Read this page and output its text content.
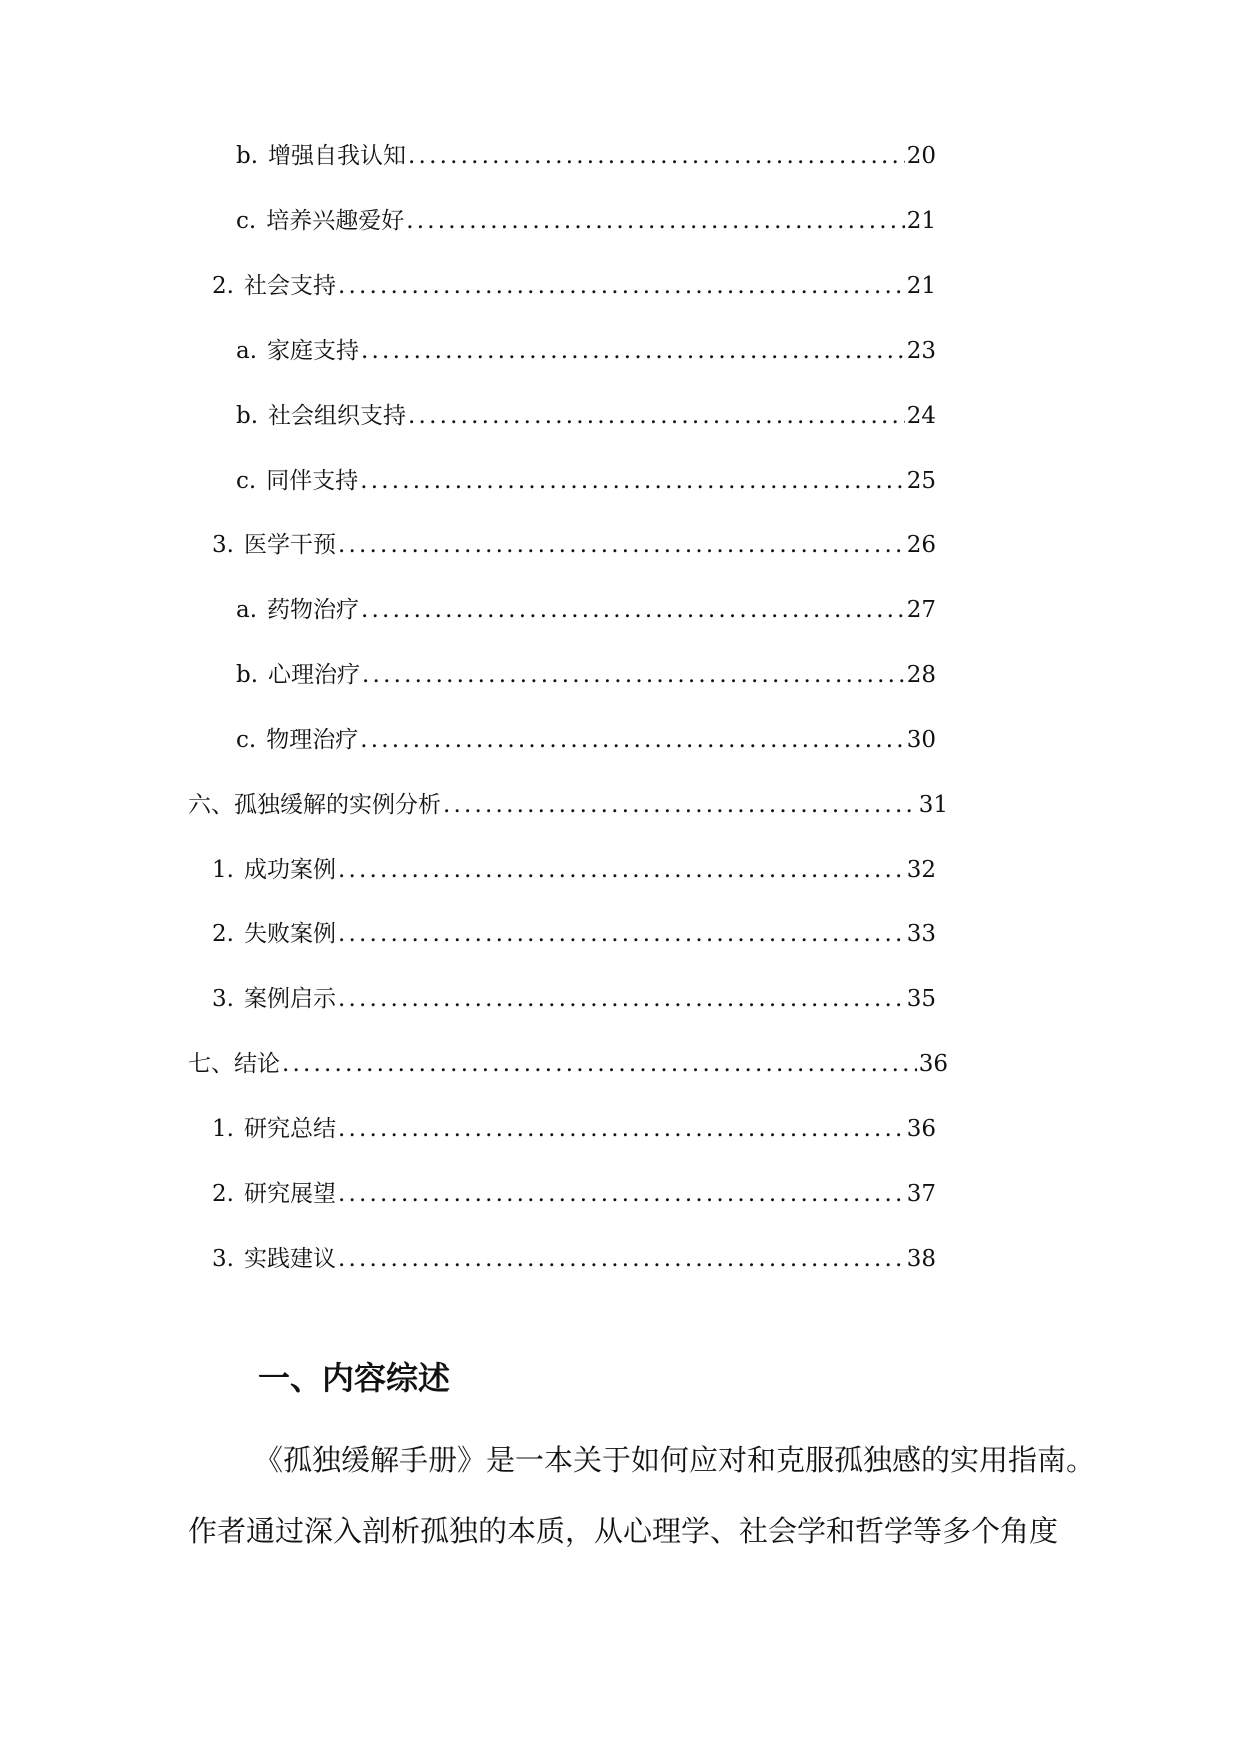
b. 增强自我认知 .....	20
c. 培养兴趣爱好 .....	21
2. 社会支持 .....	21
a. 家庭支持 .....	23
b. 社会组织支持 .....	24
c. 同伴支持 .....	25
3. 医学干预 .....	26
a. 药物治疗 .....	27
b. 心理治疗 .....	28
c. 物理治疗 .....	30
六、孤独缓解的实例分析 .....	31
1. 成功案例 .....	32
2. 失败案例 .....	33
3. 案例启示 .....	35
七、结论 .....	36
1. 研究总结 .....	36
2. 研究展望 .....	37
3. 实践建议 .....	38
一、内容综述
《孤独缓解手册》是一本关于如何应对和克服孤独感的实用指南。
作者通过深入剖析孤独的本质，从心理学、社会学和哲学等多个角度
